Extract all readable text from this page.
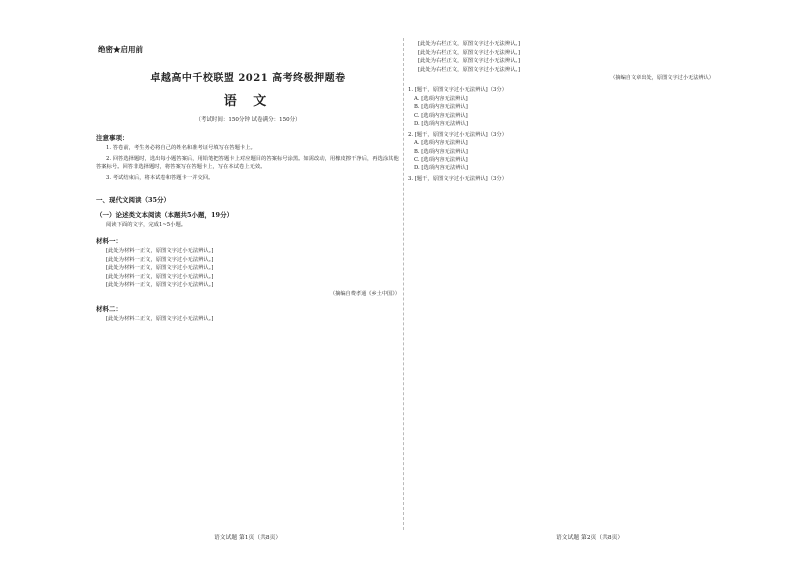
绝密★启用前
卓越高中千校联盟 2021 高考终极押题卷
语 文
（考试时间：150分钟 试卷满分：150分）
注意事项：

1. 答卷前，考生务必将自己的姓名和准考证号填写在答题卡上。

2. 回答选择题时，选出每小题答案后，用铅笔把答题卡上对应题目的答案标号涂黑。如需改动，用橡皮擦干净后，再选涂其他答案标号。回答非选择题时，将答案写在答题卡上，写在本试卷上无效。

3. 考试结束后，将本试卷和答题卡一并交回。

一、现代文阅读（35分）
（一）论述类文本阅读（本题共5小题，19分）

阅读下面的文字，完成1~5小题。

材料一：

[此处为材料一正文，原图文字过小无法辨认。]

[此处为材料一正文，原图文字过小无法辨认。]

[此处为材料一正文，原图文字过小无法辨认。]

[此处为材料一正文，原图文字过小无法辨认。]

[此处为材料一正文，原图文字过小无法辨认。]

（摘编自费孝通《乡土中国》）
材料二：

[此处为材料二正文，原图文字过小无法辨认。]

[此处为右栏正文，原图文字过小无法辨认。]

[此处为右栏正文，原图文字过小无法辨认。]

[此处为右栏正文，原图文字过小无法辨认。]

[此处为右栏正文，原图文字过小无法辨认。]

（摘编自文章出处，原图文字过小无法辨认）
1. [题干，原图文字过小无法辨认]（3分）
A. [选项内容无法辨认]
B. [选项内容无法辨认]
C. [选项内容无法辨认]
D. [选项内容无法辨认]
2. [题干，原图文字过小无法辨认]（3分）
A. [选项内容无法辨认]
B. [选项内容无法辨认]
C. [选项内容无法辨认]
D. [选项内容无法辨认]
3. [题干，原图文字过小无法辨认]（3分）
语文试题 第1页（共8页）	语文试题 第2页（共8页）
